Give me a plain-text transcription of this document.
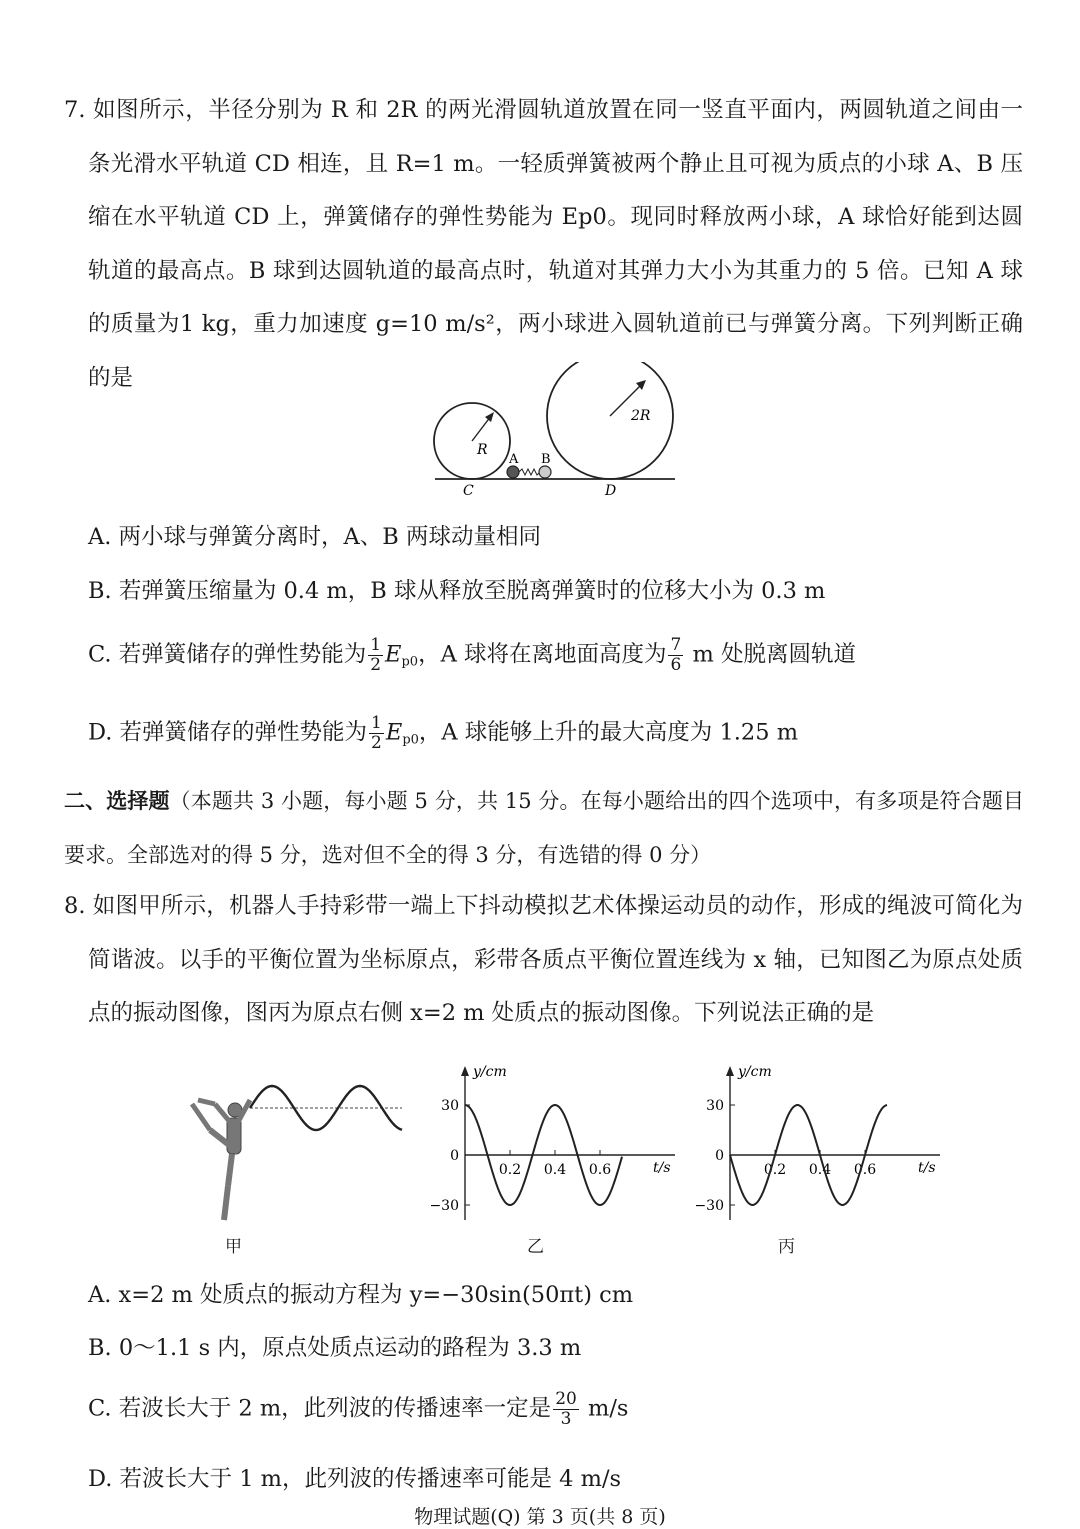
7. 如图所示，半径分别为 R 和 2R 的两光滑圆轨道放置在同一竖直平面内，两圆轨道之间由一条光滑水平轨道 CD 相连，且 R=1 m。一轻质弹簧被两个静止且可视为质点的小球 A、B 压缩在水平轨道 CD 上，弹簧储存的弹性势能为 Ep0。现同时释放两小球，A 球恰好能到达圆轨道的最高点。B 球到达圆轨道的最高点时，轨道对其弹力大小为其重力的 5 倍。已知 A 球的质量为1 kg，重力加速度 g=10 m/s²，两小球进入圆轨道前已与弹簧分离。下列判断正确的是
R
2R
A B
C	D
A. 两小球与弹簧分离时，A、B 两球动量相同
B. 若弹簧压缩量为 0.4 m，B 球从释放至脱离弹簧时的位移大小为 0.3 m
C. 若弹簧储存的弹性势能为 $\frac{1}{2} E_{p0}$，A 球将在离地面高度为 $\frac{7}{6}$ m 处脱离圆轨道
D. 若弹簧储存的弹性势能为 $\frac{1}{2} E_{p0}$，A 球能够上升的最大高度为 1.25 m
二、选择题（本题共 3 小题，每小题 5 分，共 15 分。在每小题给出的四个选项中，有多项是符合题目要求。全部选对的得 5 分，选对但不全的得 3 分，有选错的得 0 分）
8. 如图甲所示，机器人手持彩带一端上下抖动模拟艺术体操运动员的动作，形成的绳波可简化为简谐波。以手的平衡位置为坐标原点，彩带各质点平衡位置连线为 x 轴，已知图乙为原点处质点的振动图像，图丙为原点右侧 x=2 m 处质点的振动图像。下列说法正确的是
甲
y/cm
t/s
30
0
−30
0.2 0.4 0.6
乙
y/cm
t/s
30
0
−30
0.2 0.4 0.6
丙
A. x=2 m 处质点的振动方程为 y=−30sin(50πt) cm
B. 0～1.1 s 内，原点处质点运动的路程为 3.3 m
C. 若波长大于 2 m，此列波的传播速率一定是 $\frac{20}{3} m/s$
D. 若波长大于 1 m，此列波的传播速率可能是 4 m/s
物理试题(Q) 第 3 页(共 8 页)
